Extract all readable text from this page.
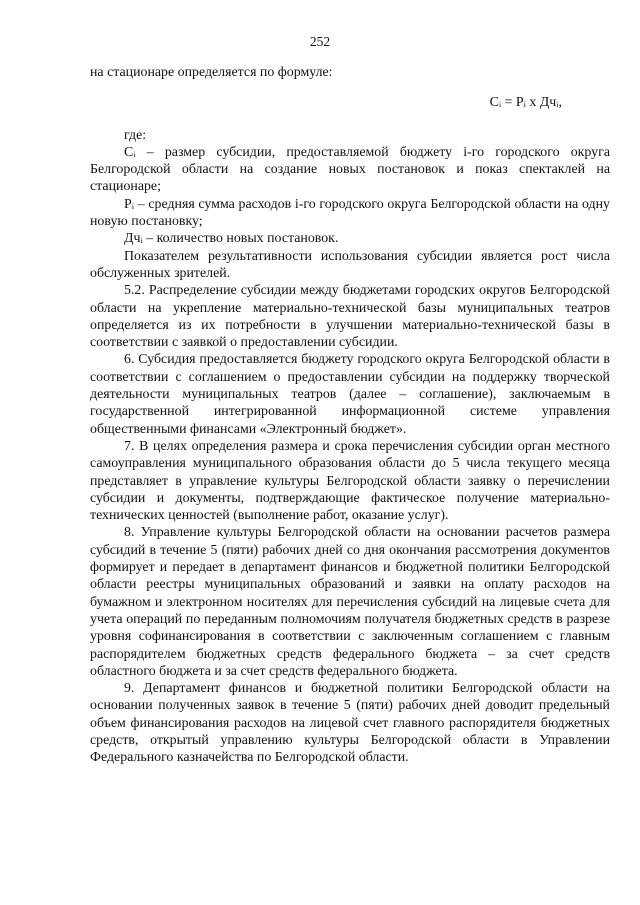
252

на стационаре определяется по формуле:

Cᵢ = Pᵢ x Дчᵢ,

где:

Cᵢ – размер субсидии, предоставляемой бюджету i-го городского округа Белгородской области на создание новых постановок и показ спектаклей на стационаре;

Pᵢ – средняя сумма расходов i-го городского округа Белгородской области на одну новую постановку;

Дчᵢ – количество новых постановок.

Показателем результативности использования субсидии является рост числа обслуженных зрителей.

5.2. Распределение субсидии между бюджетами городских округов Белгородской области на укрепление материально-технической базы муниципальных театров определяется из их потребности в улучшении материально-технической базы в соответствии с заявкой о предоставлении субсидии.

6. Субсидия предоставляется бюджету городского округа Белгородской области в соответствии с соглашением о предоставлении субсидии на поддержку творческой деятельности муниципальных театров (далее – соглашение), заключаемым в государственной интегрированной информационной системе управления общественными финансами «Электронный бюджет».

7. В целях определения размера и срока перечисления субсидии орган местного самоуправления муниципального образования области до 5 числа текущего месяца представляет в управление культуры Белгородской области заявку о перечислении субсидии и документы, подтверждающие фактическое получение материально-технических ценностей (выполнение работ, оказание услуг).

8. Управление культуры Белгородской области на основании расчетов размера субсидий в течение 5 (пяти) рабочих дней со дня окончания рассмотрения документов формирует и передает в департамент финансов и бюджетной политики Белгородской области реестры муниципальных образований и заявки на оплату расходов на бумажном и электронном носителях для перечисления субсидий на лицевые счета для учета операций по переданным полномочиям получателя бюджетных средств в разрезе уровня софинансирования в соответствии с заключенным соглашением с главным распорядителем бюджетных средств федерального бюджета – за счет средств областного бюджета и за счет средств федерального бюджета.

9. Департамент финансов и бюджетной политики Белгородской области на основании полученных заявок в течение 5 (пяти) рабочих дней доводит предельный объем финансирования расходов на лицевой счет главного распорядителя бюджетных средств, открытый управлению культуры Белгородской области в Управлении Федерального казначейства по Белгородской области.
